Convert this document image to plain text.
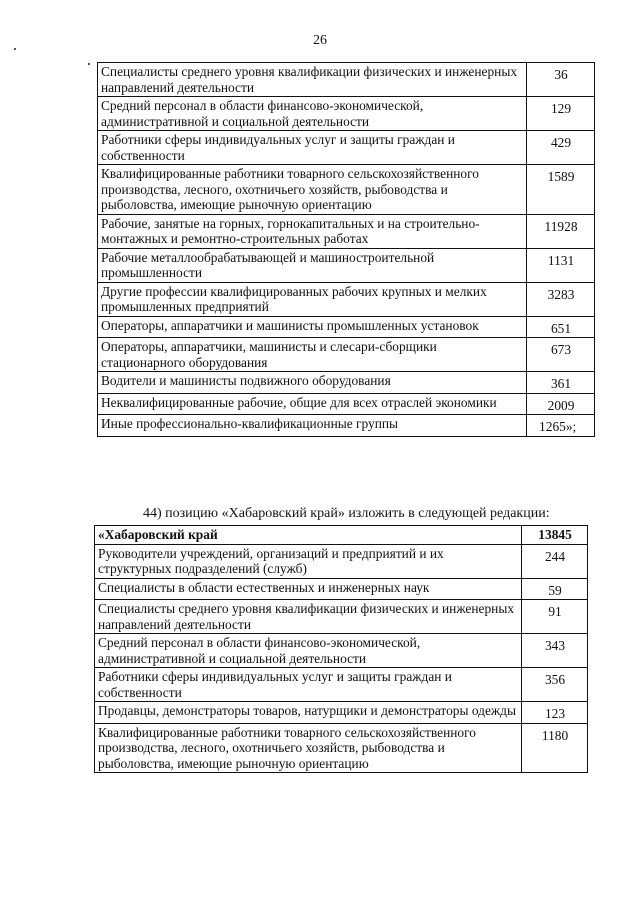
26
Специалисты среднего уровня квалификации физических и инженерных направлений деятельности	36
Средний персонал в области финансово-экономической, административной и социальной деятельности	129
Работники сферы индивидуальных услуг и защиты граждан и собственности	429
Квалифицированные работники товарного сельскохозяйственного производства, лесного, охотничьего хозяйств, рыбоводства и рыболовства, имеющие рыночную ориентацию	1589
Рабочие, занятые на горных, горнокапитальных и на строительно-монтажных и ремонтно-строительных работах	11928
Рабочие металлообрабатывающей и машиностроительной промышленности	1131
Другие профессии квалифицированных рабочих крупных и мелких промышленных предприятий	3283
Операторы, аппаратчики и машинисты промышленных установок	651
Операторы, аппаратчики, машинисты и слесари-сборщики стационарного оборудования	673
Водители и машинисты подвижного оборудования	361
Неквалифицированные рабочие, общие для всех отраслей экономики	2009
Иные профессионально-квалификационные группы	1265»;
44) позицию «Хабаровский край» изложить в следующей редакции:
«Хабаровский край	13845
Руководители учреждений, организаций и предприятий и их структурных подразделений (служб)	244
Специалисты в области естественных и инженерных наук	59
Специалисты среднего уровня квалификации физических и инженерных направлений деятельности	91
Средний персонал в области финансово-экономической, административной и социальной деятельности	343
Работники сферы индивидуальных услуг и защиты граждан и собственности	356
Продавцы, демонстраторы товаров, натурщики и демонстраторы одежды	123
Квалифицированные работники товарного сельскохозяйственного производства, лесного, охотничьего хозяйств, рыбоводства и рыболовства, имеющие рыночную ориентацию	1180
